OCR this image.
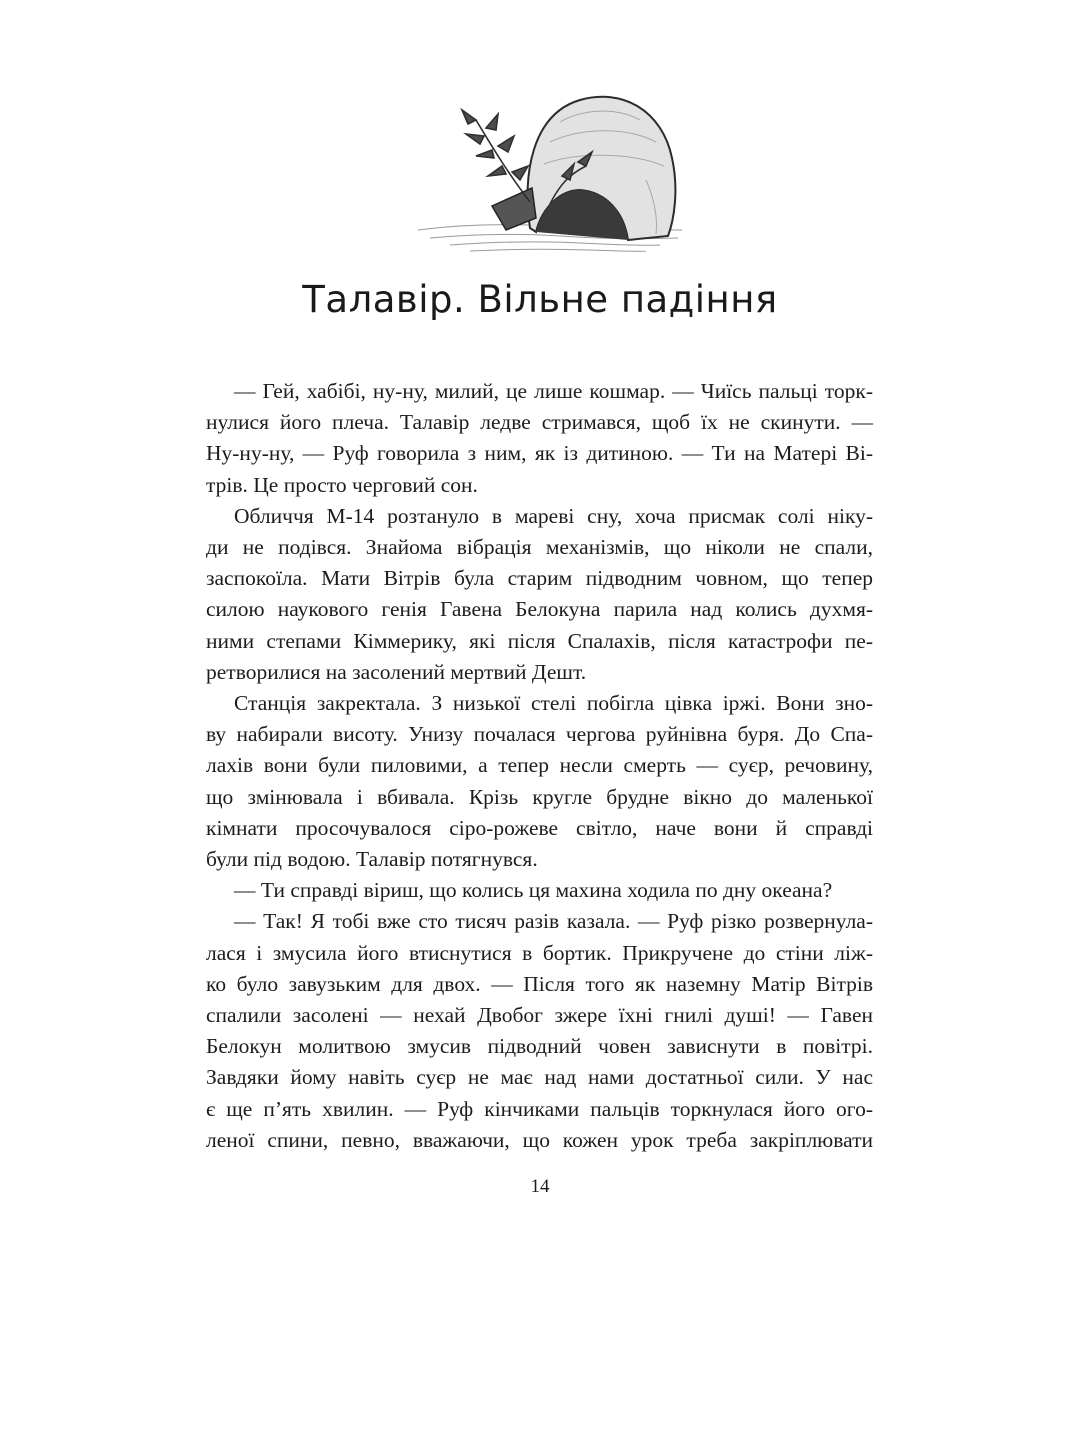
Талавір. Вільне падіння

— Гей, хабібі, ну-ну, милий, це лише кошмар. — Чиїсь пальці торк-
нулися його плеча. Талавір ледве стримався, щоб їх не скинути. —
Ну-ну-ну, — Руф говорила з ним, як із дитиною. — Ти на Матері Ві-
трів. Це просто черговий сон.

Обличчя М-14 розтануло в мареві сну, хоча присмак солі ніку-
ди не подівся. Знайома вібрація механізмів, що ніколи не спали,
заспокоїла. Мати Вітрів була старим підводним човном, що тепер
силою наукового генія Гавена Белокуна парила над колись духмя-
ними степами Кіммерику, які після Спалахів, після катастрофи пе-
ретворилися на засолений мертвий Дешт.

Станція закректала. З низької стелі побігла цівка іржі. Вони зно-
ву набирали висоту. Унизу почалася чергова руйнівна буря. До Спа-
лахів вони були пиловими, а тепер несли смерть — суєр, речовину,
що змінювала і вбивала. Крізь кругле брудне вікно до маленької
кімнати просочувалося сіро-рожеве світло, наче вони й справді
були під водою. Талавір потягнувся.

— Ти справді віриш, що колись ця махина ходила по дну океана?

— Так! Я тобі вже сто тисяч разів казала. — Руф різко розвернула-
лася і змусила його втиснутися в бортик. Прикручене до стіни ліж-
ко було завузьким для двох. — Після того як наземну Матір Вітрів
спалили засолені — нехай Двобог зжере їхні гнилі душі! — Гавен
Белокун молитвою змусив підводний човен зависнути в повітрі.
Завдяки йому навіть суєр не має над нами достатньої сили. У нас
є ще п’ять хвилин. — Руф кінчиками пальців торкнулася його ого-
леної спини, певно, вважаючи, що кожен урок треба закріплювати

14
